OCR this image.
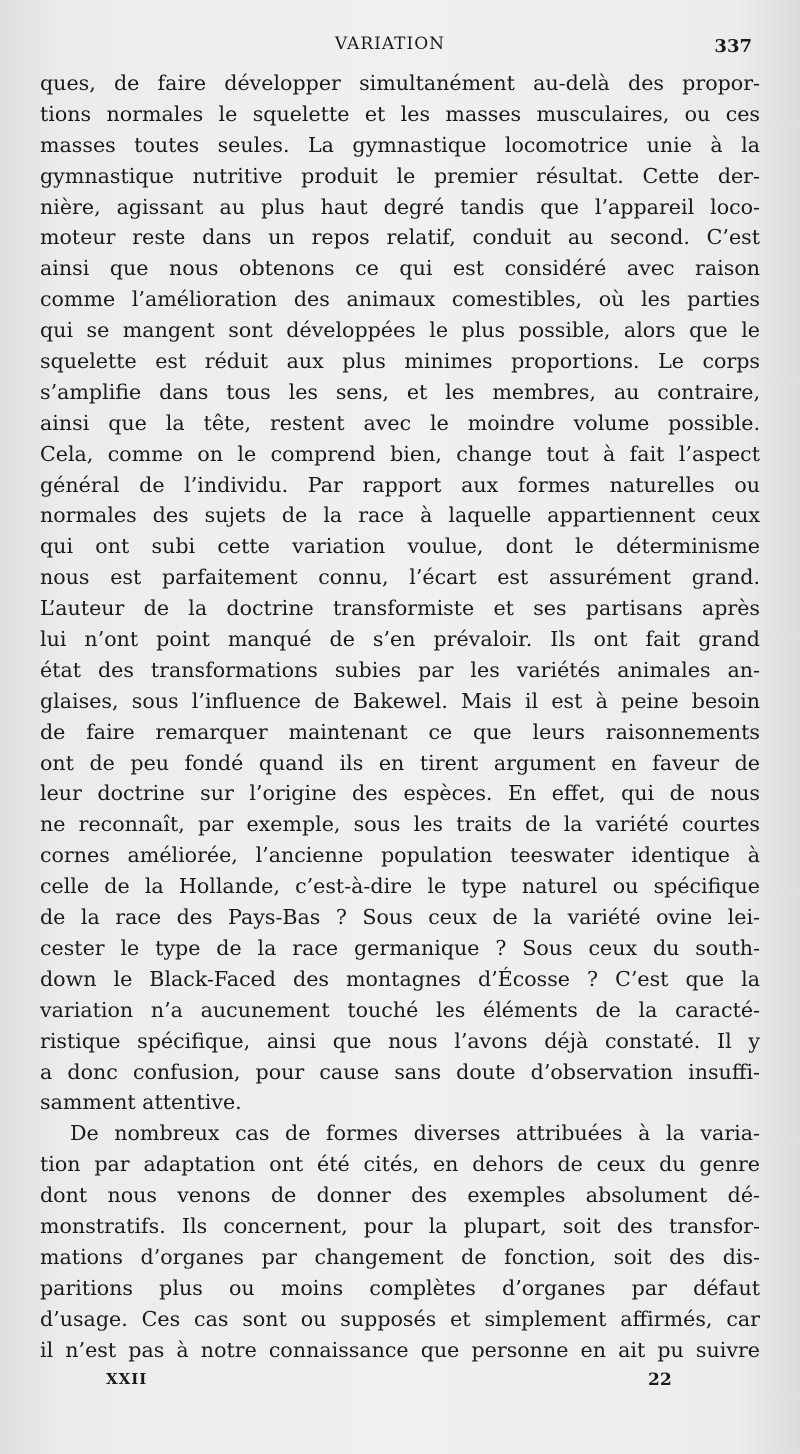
VARIATION	337
ques, de faire développer simultanément au-delà des propor-
tions normales le squelette et les masses musculaires, ou ces
masses toutes seules. La gymnastique locomotrice unie à la
gymnastique nutritive produit le premier résultat. Cette der-
nière, agissant au plus haut degré tandis que l’appareil loco-
moteur reste dans un repos relatif, conduit au second. C’est
ainsi que nous obtenons ce qui est considéré avec raison
comme l’amélioration des animaux comestibles, où les parties
qui se mangent sont développées le plus possible, alors que le
squelette est réduit aux plus minimes proportions. Le corps
s’amplifie dans tous les sens, et les membres, au contraire,
ainsi que la tête, restent avec le moindre volume possible.
Cela, comme on le comprend bien, change tout à fait l’aspect
général de l’individu. Par rapport aux formes naturelles ou
normales des sujets de la race à laquelle appartiennent ceux
qui ont subi cette variation voulue, dont le déterminisme
nous est parfaitement connu, l’écart est assurément grand.
L’auteur de la doctrine transformiste et ses partisans après
lui n’ont point manqué de s’en prévaloir. Ils ont fait grand
état des transformations subies par les variétés animales an-
glaises, sous l’influence de Bakewel. Mais il est à peine besoin
de faire remarquer maintenant ce que leurs raisonnements
ont de peu fondé quand ils en tirent argument en faveur de
leur doctrine sur l’origine des espèces. En effet, qui de nous
ne reconnaît, par exemple, sous les traits de la variété courtes
cornes améliorée, l’ancienne population teeswater identique à
celle de la Hollande, c’est-à-dire le type naturel ou spécifique
de la race des Pays-Bas ? Sous ceux de la variété ovine lei-
cester le type de la race germanique ? Sous ceux du south-
down le Black-Faced des montagnes d’Écosse ? C’est que la
variation n’a aucunement touché les éléments de la caracté-
ristique spécifique, ainsi que nous l’avons déjà constaté. Il y
a donc confusion, pour cause sans doute d’observation insuffi-
samment attentive.
De nombreux cas de formes diverses attribuées à la varia-
tion par adaptation ont été cités, en dehors de ceux du genre
dont nous venons de donner des exemples absolument dé-
monstratifs. Ils concernent, pour la plupart, soit des transfor-
mations d’organes par changement de fonction, soit des dis-
paritions plus ou moins complètes d’organes par défaut
d’usage. Ces cas sont ou supposés et simplement affirmés, car
il n’est pas à notre connaissance que personne en ait pu suivre
XXII	22
